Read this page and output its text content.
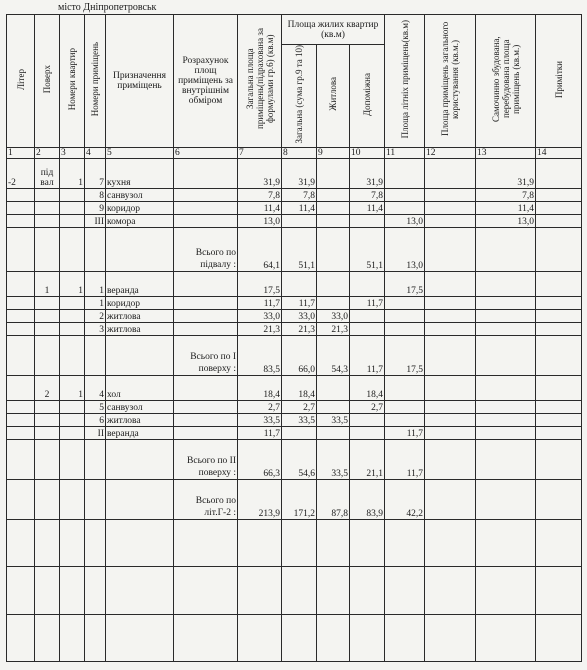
місто Дніпропетровськ
Літер	Поверх	Номери квартир	Номери приміщень	Призначення приміщень	Розрахунок площ приміщень за внутрішнім обміром	Загальна площа приміщень(підрахована за формулами гр.6) (кв.м)	Площа жилих квартир (кв.м)			Площа літніх приміщень(кв.м)	Площа приміщень загального користування (кв.м.)	Самочинно збудована, перебудована площа приміщень (кв.м.)	Примітки
							Загальна (сума гр.9 та 10)	Житлова	Допоміжна				
1	2	3	4	5	6	7	8	9	10	11	12	13	14
-2	під вал	1	7	кухня		31,9	31,9		31,9			31,9	
			8	санвузол		7,8	7,8		7,8			7,8	
			9	коридор		11,4	11,4		11,4			11,4	
			III	комора		13,0				13,0		13,0	
					Всього по підвалу :	64,1	51,1		51,1	13,0			
	1	1	1	веранда		17,5				17,5			
			1	коридор		11,7	11,7		11,7				
			2	житлова		33,0	33,0	33,0					
			3	житлова		21,3	21,3	21,3					
					Всього по I поверху :	83,5	66,0	54,3	11,7	17,5			
	2	1	4	хол		18,4	18,4		18,4				
			5	санвузол		2,7	2,7		2,7				
			6	житлова		33,5	33,5	33,5					
			II	веранда		11,7				11,7			
					Всього по II поверху :	66,3	54,6	33,5	21,1	11,7			
					Всього по літ.Г-2 :	213,9	171,2	87,8	83,9	42,2			
